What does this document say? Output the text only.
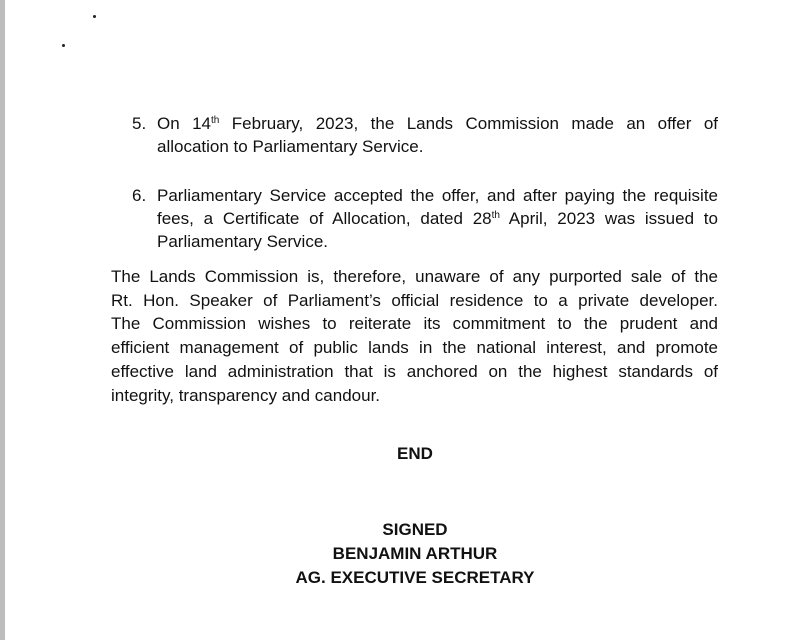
5. On 14th February, 2023, the Lands Commission made an offer of
allocation to Parliamentary Service.
6. Parliamentary Service accepted the offer, and after paying the requisite
fees, a Certificate of Allocation, dated 28th April, 2023 was issued to
Parliamentary Service.
The Lands Commission is, therefore, unaware of any purported sale of the
Rt. Hon. Speaker of Parliament’s official residence to a private developer.
The Commission wishes to reiterate its commitment to the prudent and
efficient management of public lands in the national interest, and promote
effective land administration that is anchored on the highest standards of
integrity, transparency and candour.
END
SIGNED
BENJAMIN ARTHUR
AG. EXECUTIVE SECRETARY
